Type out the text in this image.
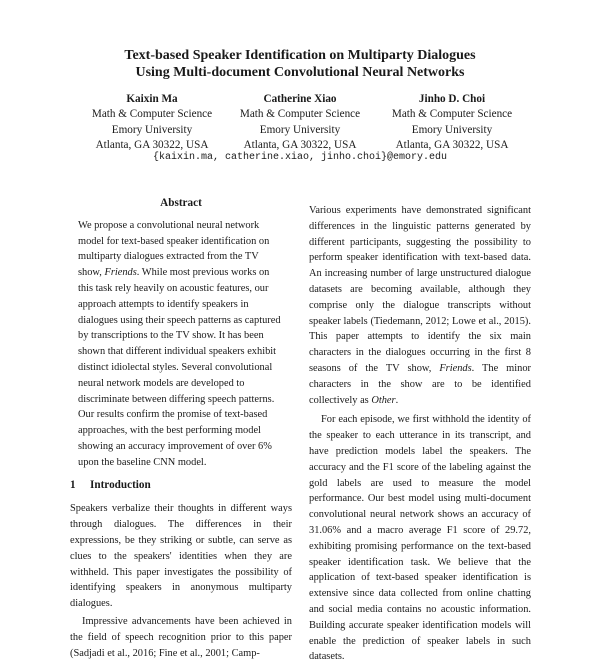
Text-based Speaker Identification on Multiparty Dialogues
Using Multi-document Convolutional Neural Networks
Kaixin Ma
Math & Computer Science
Emory University
Atlanta, GA 30322, USA
Catherine Xiao
Math & Computer Science
Emory University
Atlanta, GA 30322, USA
Jinho D. Choi
Math & Computer Science
Emory University
Atlanta, GA 30322, USA
{kaixin.ma, catherine.xiao, jinho.choi}@emory.edu
Abstract

We propose a convolutional neural network model for text-based speaker identification on multiparty dialogues extracted from the TV show, Friends. While most previous works on this task rely heavily on acoustic features, our approach attempts to identify speakers in dialogues using their speech patterns as captured by transcriptions to the TV show. It has been shown that different individual speakers exhibit distinct idiolectal styles. Several convolutional neural network models are developed to discriminate between differing speech patterns. Our results confirm the promise of text-based approaches, with the best performing model showing an accuracy improvement of over 6% upon the baseline CNN model.

1 Introduction

Speakers verbalize their thoughts in different ways through dialogues. The differences in their expressions, be they striking or subtle, can serve as clues to the speakers' identities when they are withheld. This paper investigates the possibility of identifying speakers in anonymous multiparty dialogues.

Impressive advancements have been achieved in the field of speech recognition prior to this paper (Sadjadi et al., 2016; Fine et al., 2001; Camp-

Various experiments have demonstrated significant differences in the linguistic patterns generated by different participants, suggesting the possibility to perform speaker identification with text-based data. An increasing number of large unstructured dialogue datasets are becoming available, although they comprise only the dialogue transcripts without speaker labels (Tiedemann, 2012; Lowe et al., 2015). This paper attempts to identify the six main characters in the dialogues occurring in the first 8 seasons of the TV show, Friends. The minor characters in the show are to be identified collectively as Other.

For each episode, we first withhold the identity of the speaker to each utterance in its transcript, and have prediction models label the speakers. The accuracy and the F1 score of the labeling against the gold labels are used to measure the model performance. Our best model using multi-document convolutional neural network shows an accuracy of 31.06% and a macro average F1 score of 29.72, exhibiting promising performance on the text-based speaker identification task. We believe that the application of text-based speaker identification is extensive since data collected from online chatting and social media contains no acoustic information. Building accurate speaker identification models will enable the prediction of speaker labels in such datasets.
